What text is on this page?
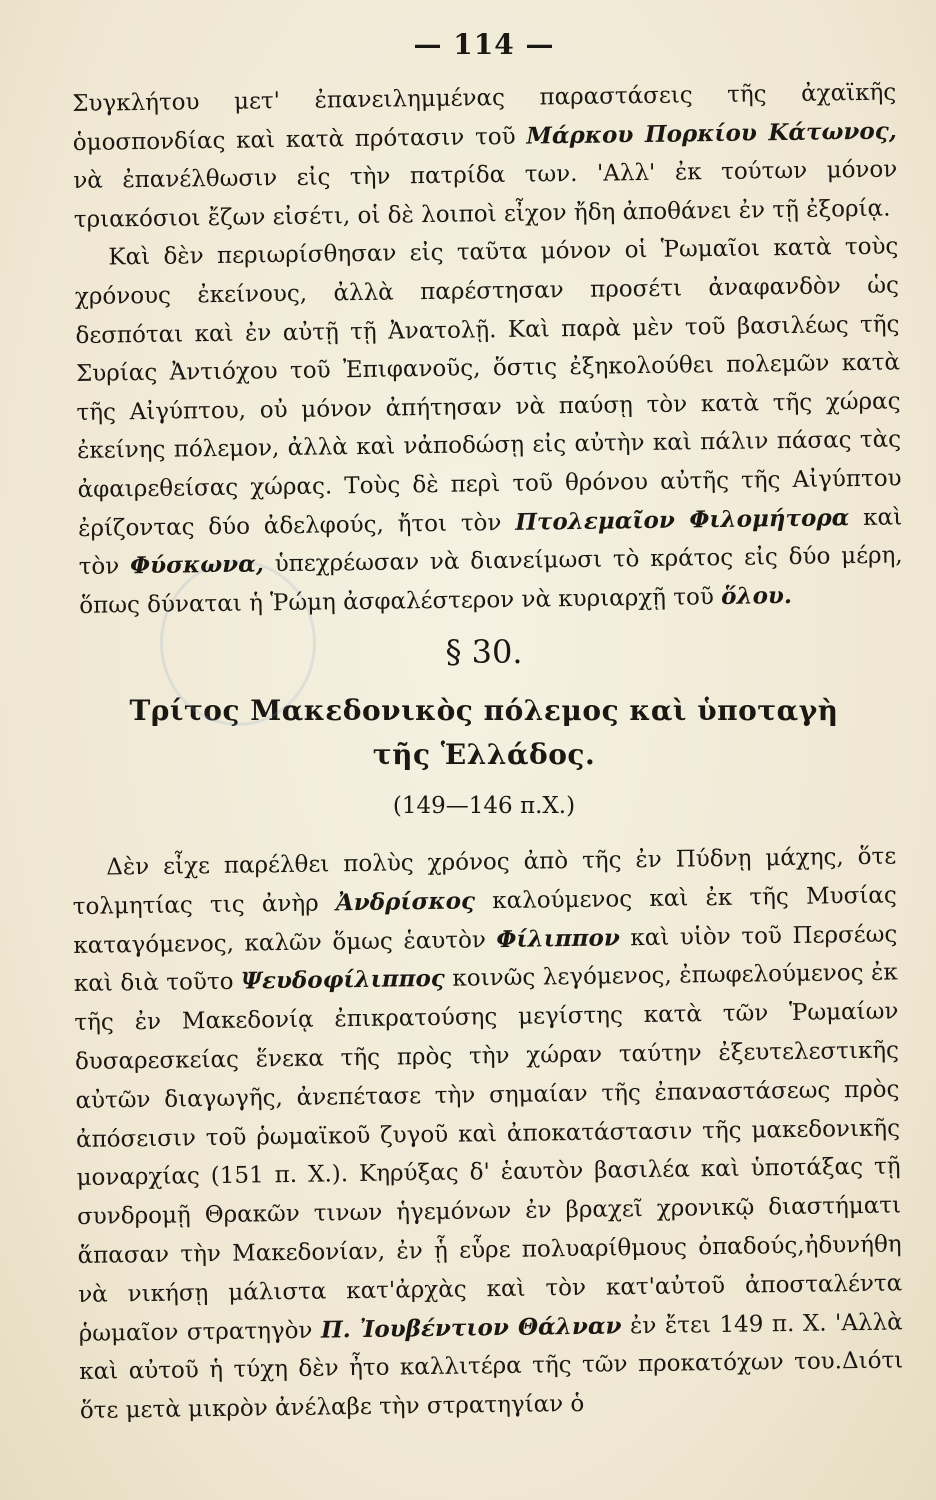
— 114 —

Συγκλήτου μετ' ἐπανειλημμένας παραστάσεις τῆς ἀχαϊκῆς ὁμοσπονδίας καὶ κατὰ πρότασιν τοῦ Μάρκου Πορκίου Κάτωνος, νὰ ἐπανέλθωσιν εἰς τὴν πατρίδα των. 'Αλλ' ἐκ τούτων μόνον τριακόσιοι ἔζων εἰσέτι, οἱ δὲ λοιποὶ εἶχον ἤδη ἀποθάνει ἐν τῇ ἐξορίᾳ.

Καὶ δὲν περιωρίσθησαν εἰς ταῦτα μόνον οἱ Ῥωμαῖοι κατὰ τοὺς χρόνους ἐκείνους, ἀλλὰ παρέστησαν προσέτι ἀναφανδὸν ὡς δεσπόται καὶ ἐν αὐτῇ τῇ Ἀνατολῇ. Καὶ παρὰ μὲν τοῦ βασιλέως τῆς Συρίας Ἀντιόχου τοῦ Ἐπιφανοῦς, ὅστις ἐξηκολούθει πολεμῶν κατὰ τῆς Αἰγύπτου, οὐ μόνον ἀπήτησαν νὰ παύσῃ τὸν κατὰ τῆς χώρας ἐκείνης πόλεμον, ἀλλὰ καὶ νἀποδώσῃ εἰς αὐτὴν καὶ πάλιν πάσας τὰς ἀφαιρεθείσας χώρας. Τοὺς δὲ περὶ τοῦ θρόνου αὐτῆς τῆς Αἰγύπτου ἐρίζοντας δύο ἀδελφούς, ἤτοι τὸν Πτολεμαῖον Φιλομήτορα καὶ τὸν Φύσκωνα, ὑπεχρέωσαν νὰ διανείμωσι τὸ κράτος εἰς δύο μέρη, ὅπως δύναται ἡ Ῥώμη ἀσφαλέστερον νὰ κυριαρχῇ τοῦ ὅλου.

§ 30.

Τρίτος Μακεδονικὸς πόλεμος καὶ ὑποταγὴ

τῆς Ἑλλάδος.

(149—146 π.Χ.)

Δὲν εἶχε παρέλθει πολὺς χρόνος ἀπὸ τῆς ἐν Πύδνῃ μάχης, ὅτε τολμητίας τις ἀνὴρ Ἀνδρίσκος καλούμενος καὶ ἐκ τῆς Μυσίας καταγόμενος, καλῶν ὅμως ἑαυτὸν Φίλιππον καὶ υἱὸν τοῦ Περσέως καὶ διὰ τοῦτο Ψευδοφίλιππος κοινῶς λεγόμενος, ἐπωφελούμενος ἐκ τῆς ἐν Μακεδονίᾳ ἐπικρατούσης μεγίστης κατὰ τῶν Ῥωμαίων δυσαρεσκείας ἕνεκα τῆς πρὸς τὴν χώραν ταύτην ἐξευτελεστικῆς αὐτῶν διαγωγῆς, ἀνεπέτασε τὴν σημαίαν τῆς ἐπαναστάσεως πρὸς ἀπόσεισιν τοῦ ῥωμαϊκοῦ ζυγοῦ καὶ ἀποκατάστασιν τῆς μακεδονικῆς μοναρχίας (151 π. Χ.). Κηρύξας δ' ἑαυτὸν βασιλέα καὶ ὑποτάξας τῇ συνδρομῇ Θρακῶν τινων ἡγεμόνων ἐν βραχεῖ χρονικῷ διαστήματι ἅπασαν τὴν Μακεδονίαν, ἐν ᾗ εὗρε πολυαρίθμους ὀπαδούς,ἠδυνήθη νὰ νικήσῃ μάλιστα κατ'ἀρχὰς καὶ τὸν κατ'αὐτοῦ ἀποσταλέντα ῥωμαῖον στρατηγὸν Π. Ἰουβέντιον Θάλναν ἐν ἔτει 149 π. Χ. 'Αλλὰ καὶ αὐτοῦ ἡ τύχη δὲν ἦτο καλλιτέρα τῆς τῶν προκατόχων του.Διότι ὅτε μετὰ μικρὸν ἀνέλαβε τὴν στρατηγίαν ὁ
